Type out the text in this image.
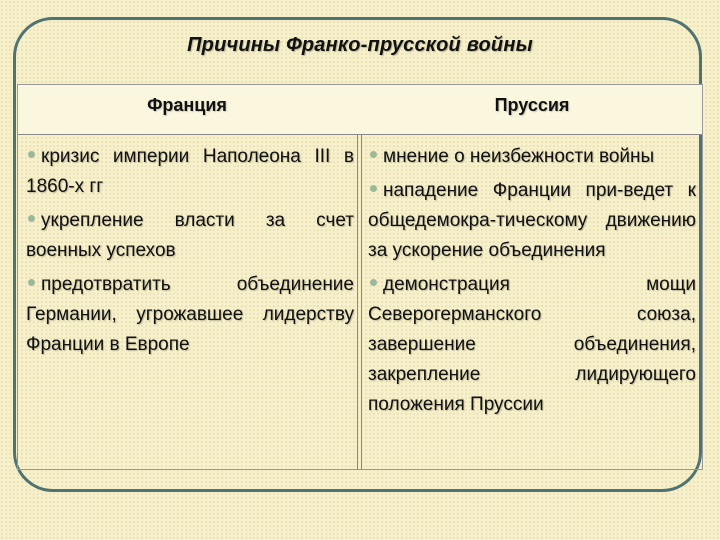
Причины Франко-прусской войны
Франция	Пруссия
кризис империи Наполеона III в 1860-х гг
укрепление власти за счет военных успехов
предотвратить объединение Германии, угрожавшее лидерству Франции в Европе
мнение о неизбежности войны
нападение Франции при-ведет к общедемокра-тическому движению за ускорение объединения
демонстрация мощи Северогерманского союза, завершение объединения, закрепление лидирующего положения Пруссии
